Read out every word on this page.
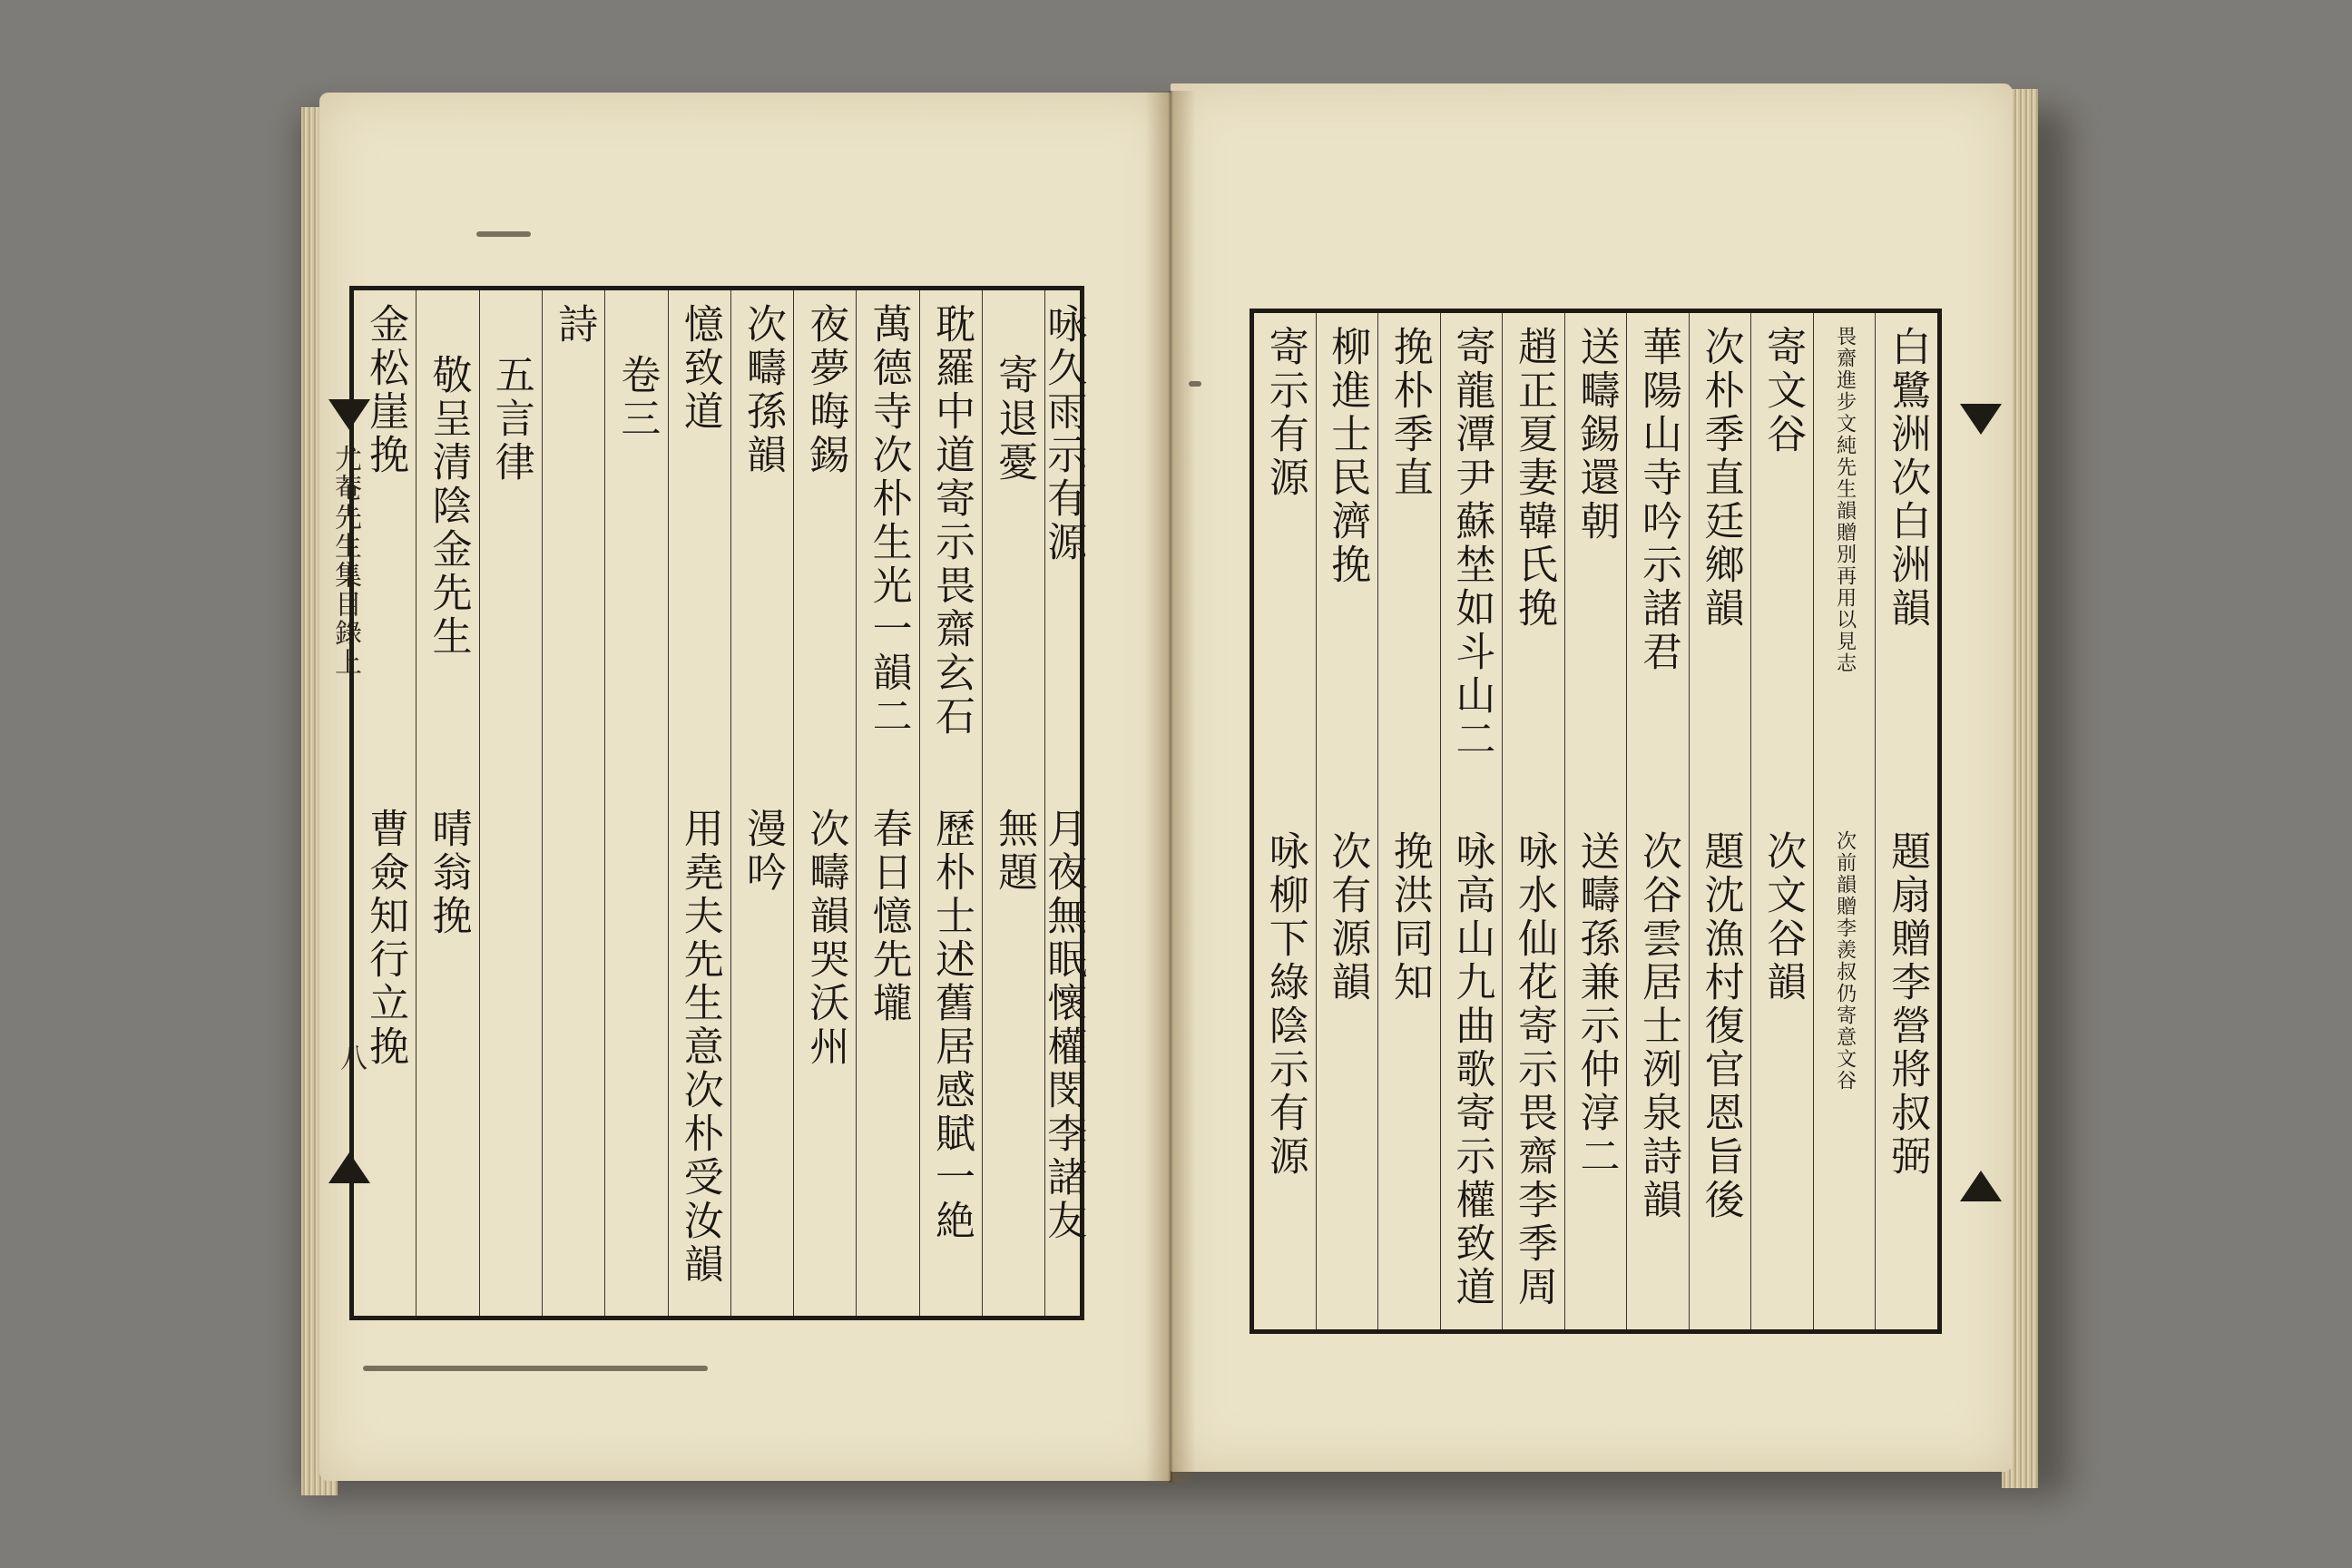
尤菴先生集目錄上
八
咏久雨示有源
月夜無眠懷權閔李諸友
寄退憂
無題
耽羅中道寄示畏齋玄石
歷朴士述舊居感賦一絶
萬德寺次朴生光一韻二
春日憶先壠
夜夢晦錫
次疇韻哭沃州
次疇孫韻
漫吟
憶致道
用堯夫先生意次朴受汝韻
卷三
詩
五言律
敬呈清陰金先生
晴翁挽
金松崖挽
曹僉知行立挽
白鷺洲次白洲韻
題扇贈李營將叔弼
畏齋進步文純先生韻贈別再用以見志
次前韻贈李羨叔仍寄意文谷
寄文谷
次文谷韻
次朴季直廷鄉韻
題沈漁村復官恩旨後
華陽山寺吟示諸君
次谷雲居士洌泉詩韻
送疇錫還朝
送疇孫兼示仲淳二
趙正夏妻韓氏挽
咏水仙花寄示畏齋李季周
寄龍潭尹蘇埜如斗山二
咏高山九曲歌寄示權致道
挽朴季直
挽洪同知
柳進士民濟挽
次有源韻
寄示有源
咏柳下綠陰示有源
